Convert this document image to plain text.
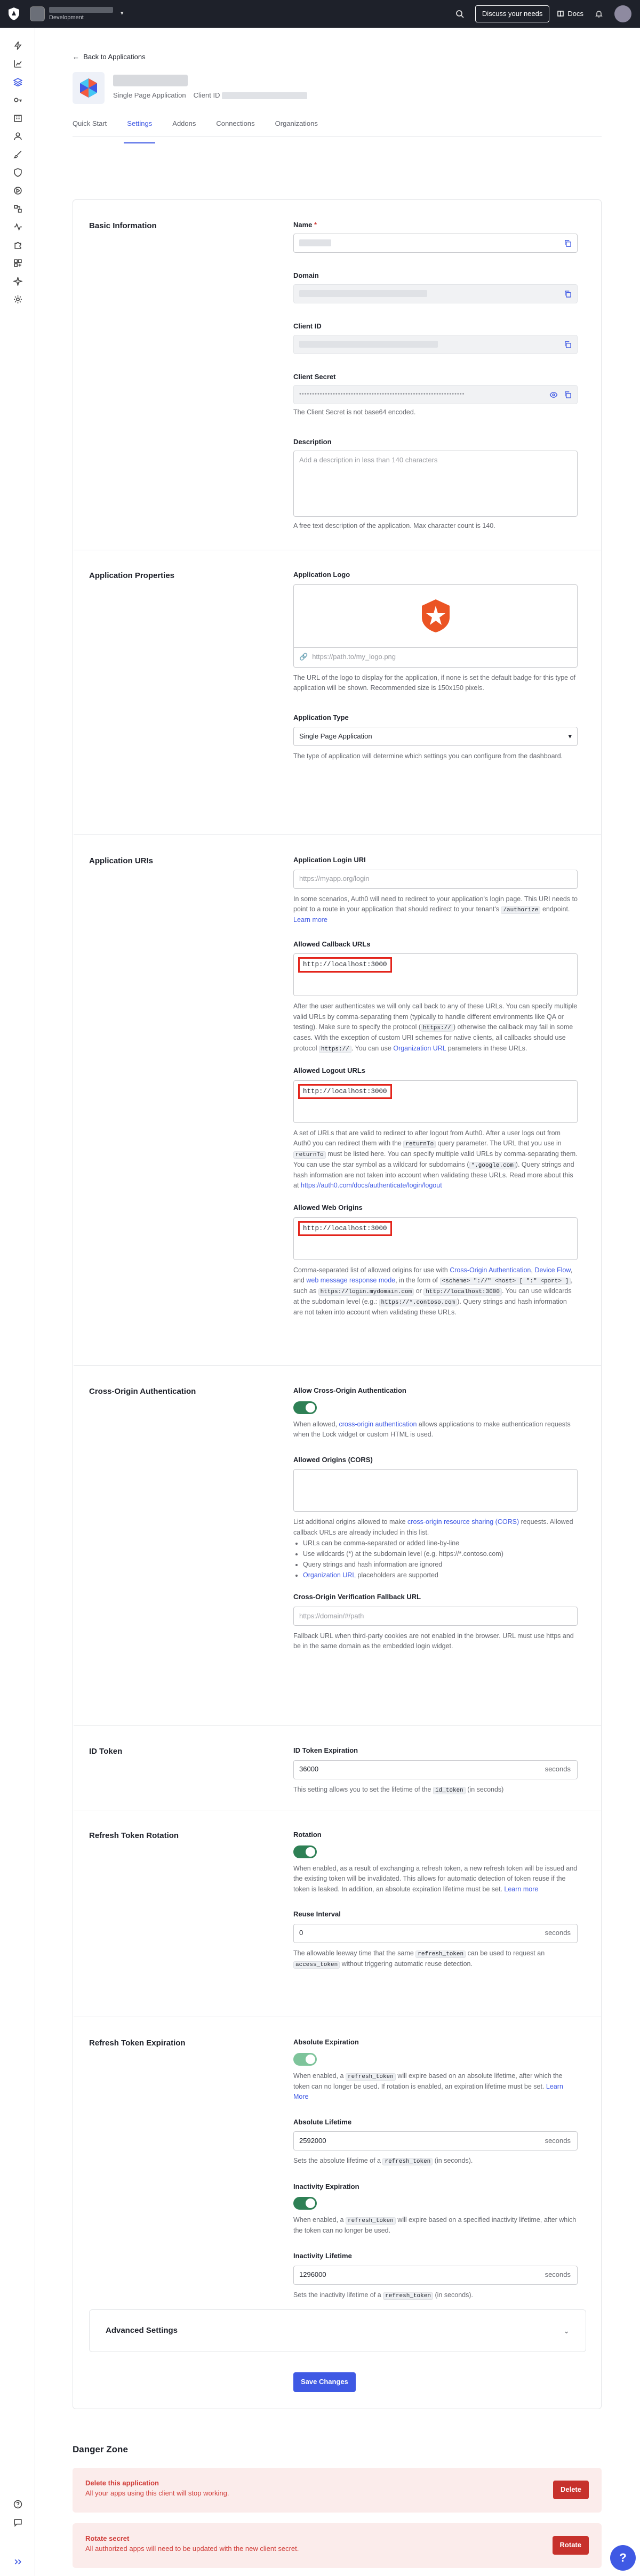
Development
▾	Discuss your needs	Docs
← Back to Applications
Single Page Application Client ID
Quick Start	Settings	Addons	Connections	Organizations
Basic Information	Name *
Domain
Client ID
Client Secret
••••••••••••••••••••••••••••••••••••••••••••••••••••••••••••••••
The Client Secret is not base64 encoded.
Description
Add a description in less than 140 characters
A free text description of the application. Max character count is 140.
Application Properties	Application Logo
🔗 https://path.to/my_logo.png
The URL of the logo to display for the application, if none is set the default badge for this type of application will be shown. Recommended size is 150x150 pixels.
Application Type
Single Page Application	▾
The type of application will determine which settings you can configure from the dashboard.
Application URIs	Application Login URI
https://myapp.org/login
In some scenarios, Auth0 will need to redirect to your application's login page. This URI needs to point to a route in your application that should redirect to your tenant's /authorize endpoint. Learn more
Allowed Callback URLs
http://localhost:3000
After the user authenticates we will only call back to any of these URLs. You can specify multiple valid URLs by comma-separating them (typically to handle different environments like QA or testing). Make sure to specify the protocol ( https:// ) otherwise the callback may fail in some cases. With the exception of custom URI schemes for native clients, all callbacks should use protocol https:// . You can use Organization URL parameters in these URLs.
Allowed Logout URLs
http://localhost:3000
A set of URLs that are valid to redirect to after logout from Auth0. After a user logs out from Auth0 you can redirect them with the returnTo query parameter. The URL that you use in returnTo must be listed here. You can specify multiple valid URLs by comma-separating them. You can use the star symbol as a wildcard for subdomains ( *.google.com ). Query strings and hash information are not taken into account when validating these URLs. Read more about this at https://auth0.com/docs/authenticate/login/logout
Allowed Web Origins
http://localhost:3000
Comma-separated list of allowed origins for use with Cross-Origin Authentication, Device Flow, and web message response mode, in the form of <scheme> "://" <host> [ ":" <port> ] , such as https://login.mydomain.com or http://localhost:3000 . You can use wildcards at the subdomain level (e.g.: https://*.contoso.com ). Query strings and hash information are not taken into account when validating these URLs.
Cross-Origin Authentication	Allow Cross-Origin Authentication
When allowed, cross-origin authentication allows applications to make authentication requests when the Lock widget or custom HTML is used.
Allowed Origins (CORS)
List additional origins allowed to make cross-origin resource sharing (CORS) requests. Allowed callback URLs are already included in this list.
• URLs can be comma-separated or added line-by-line
• Use wildcards (*) at the subdomain level (e.g. https://*.contoso.com)
• Query strings and hash information are ignored
• Organization URL placeholders are supported
Cross-Origin Verification Fallback URL
https://domain/#/path
Fallback URL when third-party cookies are not enabled in the browser. URL must use https and be in the same domain as the embedded login widget.
ID Token	ID Token Expiration
36000	seconds
This setting allows you to set the lifetime of the id_token (in seconds)
Refresh Token Rotation	Rotation
When enabled, as a result of exchanging a refresh token, a new refresh token will be issued and the existing token will be invalidated. This allows for automatic detection of token reuse if the token is leaked. In addition, an absolute expiration lifetime must be set. Learn more
Reuse Interval
0	seconds
The allowable leeway time that the same refresh_token can be used to request an access_token without triggering automatic reuse detection.
Refresh Token Expiration	Absolute Expiration
When enabled, a refresh_token will expire based on an absolute lifetime, after which the token can no longer be used. If rotation is enabled, an expiration lifetime must be set. Learn More
Absolute Lifetime
2592000	seconds
Sets the absolute lifetime of a refresh_token (in seconds).
Inactivity Expiration
When enabled, a refresh_token will expire based on a specified inactivity lifetime, after which the token can no longer be used.
Inactivity Lifetime
1296000	seconds
Sets the inactivity lifetime of a refresh_token (in seconds).
Advanced Settings	⌄
Save Changes
Danger Zone
Delete this application
All your apps using this client will stop working.	Delete
Rotate secret
All authorized apps will need to be updated with the new client secret.	Rotate
?
